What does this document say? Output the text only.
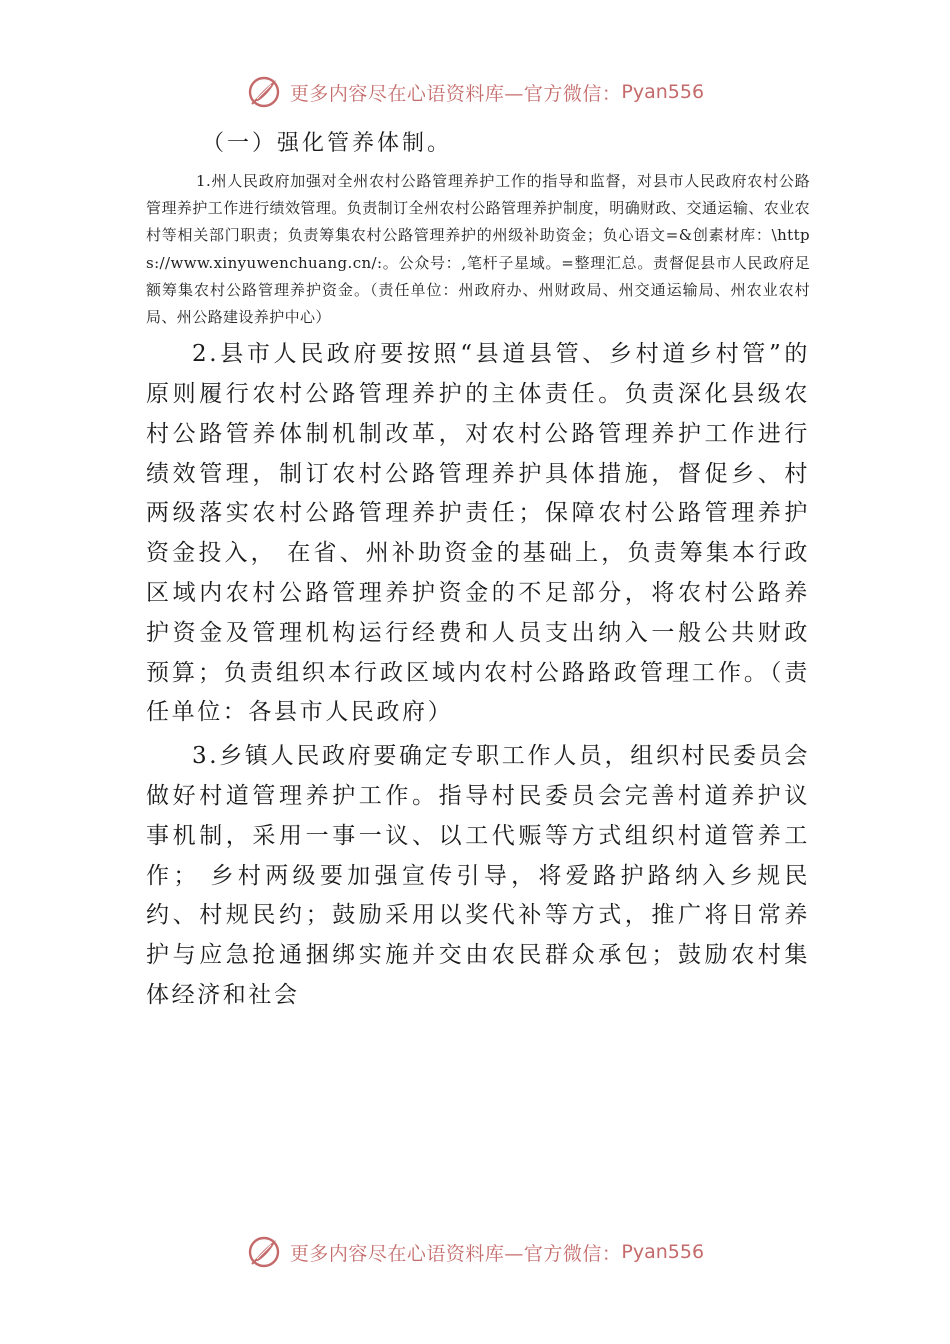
更多内容尽在心语资料库—官方微信： Pyan556
（一）强化管养体制。

1.州人民政府加强对全州农村公路管理养护工作的指导和监督，对县市人民政府农村公路管理养护工作进行绩效管理。负责制订全州农村公路管理养护制度，明确财政、交通运输、农业农村等相关部门职责；负责筹集农村公路管理养护的州级补助资金；负心语文=&创素材库：\https://www.xinyuwenchuang.cn/:。公众号：,笔杆子星域。=整理汇总。责督促县市人民政府足额筹集农村公路管理养护资金。（责任单位：州政府办、州财政局、州交通运输局、州农业农村局、州公路建设养护中心）

2.县市人民政府要按照“县道县管、乡村道乡村管”的原则履行农村公路管理养护的主体责任。负责深化县级农村公路管养体制机制改革，对农村公路管理养护工作进行绩效管理，制订农村公路管理养护具体措施，督促乡、村两级落实农村公路管理养护责任；保障农村公路管理养护资金投入， 在省、州补助资金的基础上，负责筹集本行政区域内农村公路管理养护资金的不足部分，将农村公路养护资金及管理机构运行经费和人员支出纳入一般公共财政预算；负责组织本行政区域内农村公路路政管理工作。（责任单位：各县市人民政府）

3.乡镇人民政府要确定专职工作人员，组织村民委员会做好村道管理养护工作。指导村民委员会完善村道养护议事机制，采用一事一议、以工代赈等方式组织村道管养工作； 乡村两级要加强宣传引导，将爱路护路纳入乡规民约、村规民约；鼓励采用以奖代补等方式，推广将日常养护与应急抢通捆绑实施并交由农民群众承包；鼓励农村集体经济和社会

更多内容尽在心语资料库—官方微信： Pyan556
